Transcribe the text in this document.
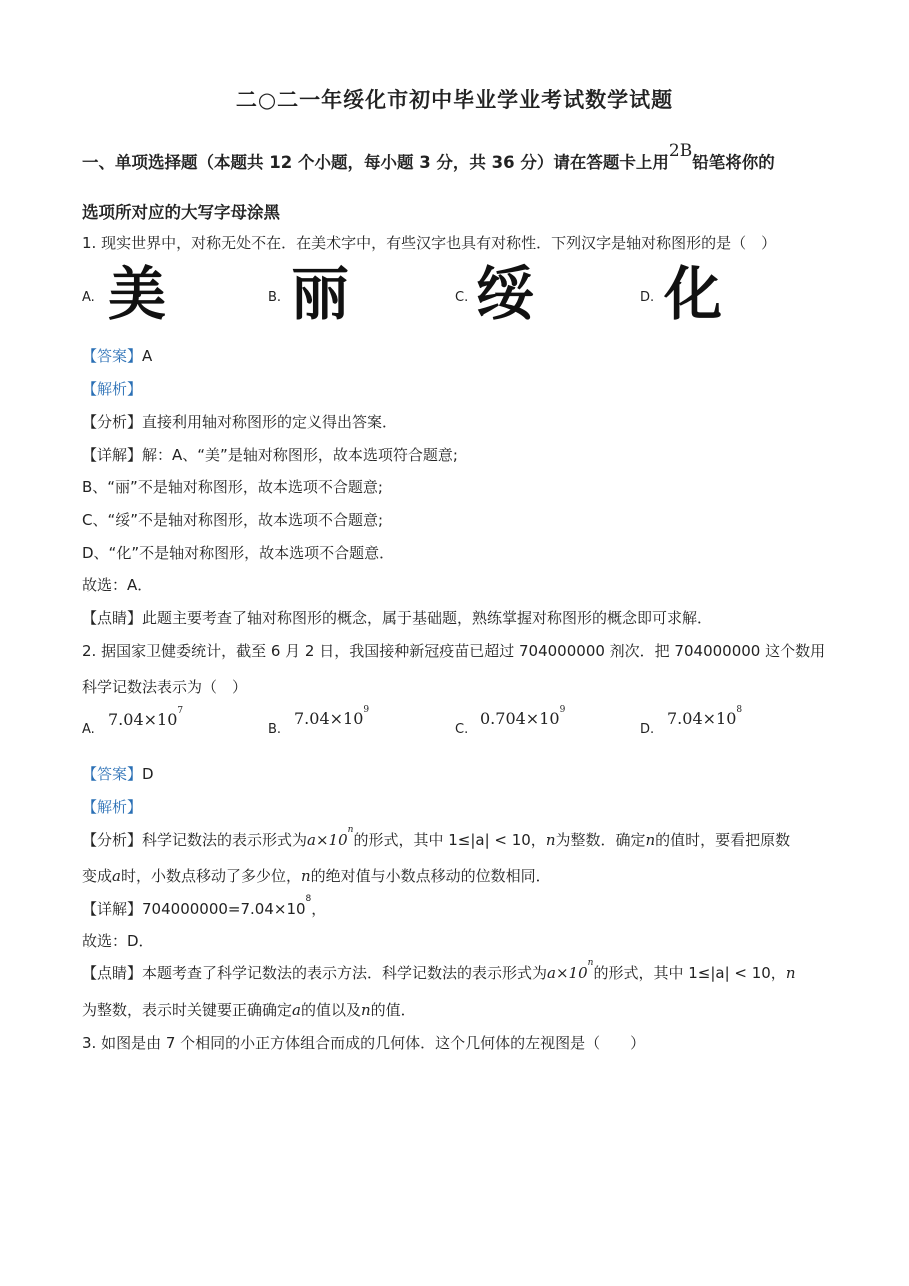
二○二一年绥化市初中毕业学业考试数学试题
一、单项选择题（本题共 12 个小题，每小题 3 分，共 36 分）请在答题卡上用2B铅笔将你的
选项所对应的大写字母涂黑
1. 现实世界中，对称无处不在．在美术字中，有些汉字也具有对称性．下列汉字是轴对称图形的是（　）
A. 美	B. 丽	C. 绥	D. 化
【答案】A
【解析】
【分析】直接利用轴对称图形的定义得出答案．
【详解】解：A、“美”是轴对称图形，故本选项符合题意;
B、“丽”不是轴对称图形，故本选项不合题意;
C、“绥”不是轴对称图形，故本选项不合题意;
D、“化”不是轴对称图形，故本选项不合题意．
故选：A．
【点睛】此题主要考查了轴对称图形的概念，属于基础题，熟练掌握对称图形的概念即可求解．
2. 据国家卫健委统计，截至 6 月 2 日，我国接种新冠疫苗已超过 704000000 剂次．把 704000000 这个数用
科学记数法表示为（　）
A.
$7.04\times 10^7$
B.
$7.04\times 10^9$
C.
$0.704\times 10^9$
D.
$7.04\times 10^8$
【答案】D
【解析】
【分析】科学记数法的表示形式为$a\times 10^n$的形式，其中 1≤|a| < 10，n为整数．确定n的值时，要看把原数
变成a时，小数点移动了多少位，n的绝对值与小数点移动的位数相同．
【详解】$704000000=7.04\times 10^8$，
故选：D．
【点睛】本题考查了科学记数法的表示方法．科学记数法的表示形式为$a\times 10^n$的形式，其中 1≤|a| < 10，n
为整数，表示时关键要正确确定a的值以及n的值．
3. 如图是由 7 个相同的小正方体组合而成的几何体．这个几何体的左视图是（　　）
